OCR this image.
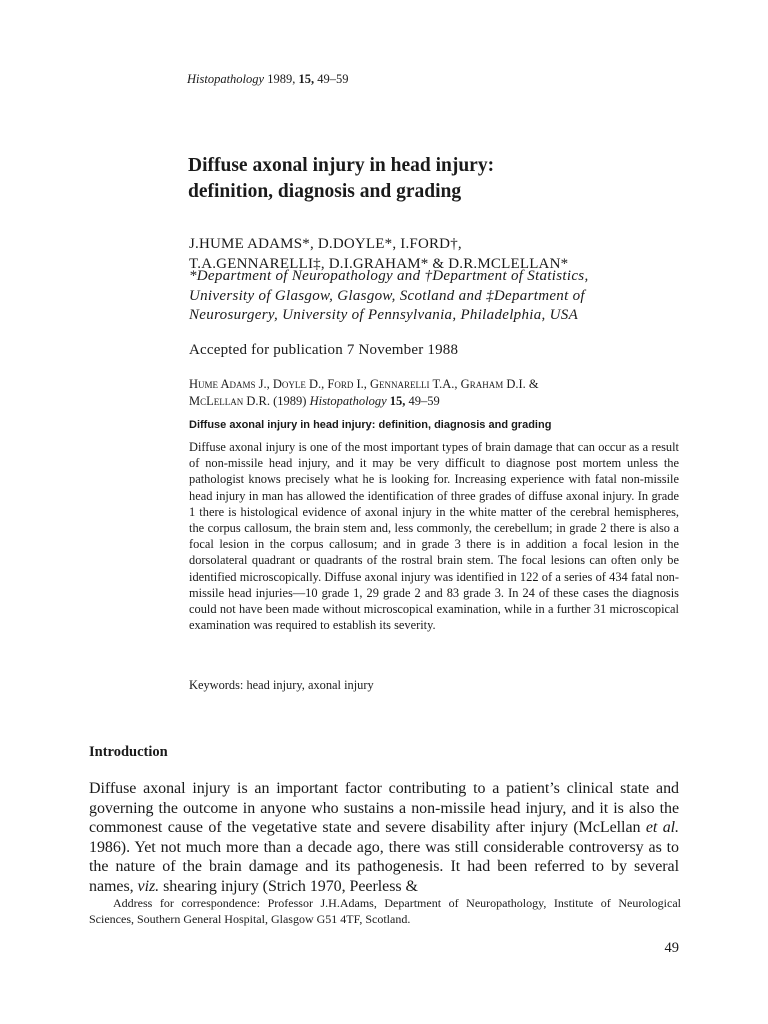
Histopathology 1989, 15, 49–59
Diffuse axonal injury in head injury:
definition, diagnosis and grading
J.HUME ADAMS*, D.DOYLE*, I.FORD†,
T.A.GENNARELLI‡, D.I.GRAHAM* & D.R.MCLELLAN*
*Department of Neuropathology and †Department of Statistics,
University of Glasgow, Glasgow, Scotland and ‡Department of
Neurosurgery, University of Pennsylvania, Philadelphia, USA
Accepted for publication 7 November 1988
Hume Adams J., Doyle D., Ford I., Gennarelli T.A., Graham D.I. &
McLellan D.R. (1989) Histopathology 15, 49–59
Diffuse axonal injury in head injury: definition, diagnosis and grading
Diffuse axonal injury is one of the most important types of brain damage that can occur as a result of non-missile head injury, and it may be very difficult to diagnose post mortem unless the pathologist knows precisely what he is looking for. Increasing experience with fatal non-missile head injury in man has allowed the identification of three grades of diffuse axonal injury. In grade 1 there is histological evidence of axonal injury in the white matter of the cerebral hemispheres, the corpus callosum, the brain stem and, less commonly, the cerebellum; in grade 2 there is also a focal lesion in the corpus callosum; and in grade 3 there is in addition a focal lesion in the dorsolateral quadrant or quadrants of the rostral brain stem. The focal lesions can often only be identified microscopically. Diffuse axonal injury was identified in 122 of a series of 434 fatal non-missile head injuries—10 grade 1, 29 grade 2 and 83 grade 3. In 24 of these cases the diagnosis could not have been made without microscopical examination, while in a further 31 microscopical examination was required to establish its severity.
Keywords: head injury, axonal injury
Introduction
Diffuse axonal injury is an important factor contributing to a patient’s clinical state and governing the outcome in anyone who sustains a non-missile head injury, and it is also the commonest cause of the vegetative state and severe disability after injury (McLellan et al. 1986). Yet not much more than a decade ago, there was still considerable controversy as to the nature of the brain damage and its pathogenesis. It had been referred to by several names, viz. shearing injury (Strich 1970, Peerless &
Address for correspondence: Professor J.H.Adams, Department of Neuropathology, Institute of Neurological Sciences, Southern General Hospital, Glasgow G51 4TF, Scotland.
49
